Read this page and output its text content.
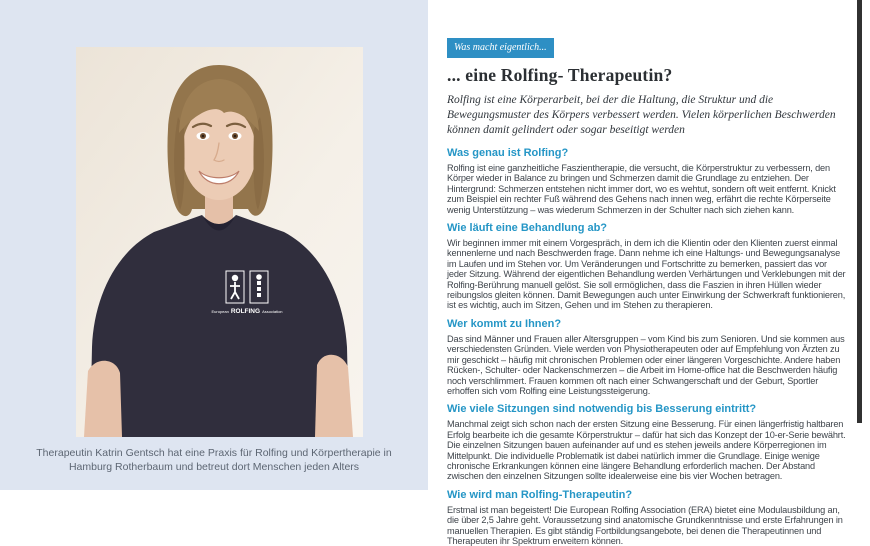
European ROLFING Association
Therapeutin Katrin Gentsch hat eine Praxis für Rolfing und Körpertherapie in Hamburg Rotherbaum und betreut dort Menschen jeden Alters
Was macht eigentlich...
... eine Rolfing- Therapeutin?

Rolfing ist eine Körperarbeit, bei der die Haltung, die Struktur und die Bewegungsmuster des Körpers verbessert werden. Vielen körperlichen Beschwerden können damit gelindert oder sogar beseitigt werden

Was genau ist Rolfing?

Rolfing ist eine ganzheitliche Faszientherapie, die versucht, die Körperstruktur zu verbessern, den Körper wieder in Balance zu bringen und Schmerzen damit die Grundlage zu entziehen. Der Hintergrund: Schmerzen entstehen nicht immer dort, wo es wehtut, sondern oft weit entfernt. Knickt zum Beispiel ein rechter Fuß während des Gehens nach innen weg, erfährt die rechte Körperseite wenig Unterstützung – was wiederum Schmerzen in der Schulter nach sich ziehen kann.

Wie läuft eine Behandlung ab?

Wir beginnen immer mit einem Vorgespräch, in dem ich die Klientin oder den Klienten zuerst einmal kennenlerne und nach Beschwerden frage. Dann nehme ich eine Haltungs- und Bewegungsanalyse im Laufen und im Stehen vor. Um Veränderungen und Fortschritte zu bemerken, passiert das vor jeder Sitzung. Während der eigentlichen Behandlung werden Verhärtungen und Verklebungen mit der Rolfing-Berührung manuell gelöst. Sie soll ermöglichen, dass die Faszien in ihren Hüllen wieder reibungslos gleiten können. Damit Bewegungen auch unter Einwirkung der Schwerkraft funktionieren, ist es wichtig, auch im Sitzen, Gehen und im Stehen zu therapieren.

Wer kommt zu Ihnen?

Das sind Männer und Frauen aller Altersgruppen – vom Kind bis zum Senioren. Und sie kommen aus verschiedensten Gründen. Viele werden von Physiotherapeuten oder auf Empfehlung von Ärzten zu mir geschickt – häufig mit chronischen Problemen oder einer längeren Vorgeschichte. Andere haben Rücken-, Schulter- oder Nackenschmerzen – die Arbeit im Home-office hat die Beschwerden häufig noch verschlimmert. Frauen kommen oft nach einer Schwangerschaft und der Geburt, Sportler erhoffen sich vom Rolfing eine Leistungssteigerung.

Wie viele Sitzungen sind notwendig bis Besserung eintritt?

Manchmal zeigt sich schon nach der ersten Sitzung eine Besserung. Für einen längerfristig haltbaren Erfolg bearbeite ich die gesamte Körperstruktur – dafür hat sich das Konzept der 10-er-Serie bewährt. Die einzelnen Sitzungen bauen aufeinander auf und es stehen jeweils andere Körperregionen im Mittelpunkt. Die individuelle Problematik ist dabei natürlich immer die Grundlage. Einige wenige chronische Erkrankungen können eine längere Behandlung erforderlich machen. Der Abstand zwischen den einzelnen Sitzungen sollte idealerweise eine bis vier Wochen betragen.

Wie wird man Rolfing-Therapeutin?

Erstmal ist man begeistert! Die European Rolfing Association (ERA) bietet eine Modulausbildung an, die über 2,5 Jahre geht. Voraussetzung sind anatomische Grundkenntnisse und erste Erfahrungen in manuellen Therapien. Es gibt ständig Fortbildungsangebote, bei denen die Therapeutinnen und Therapeuten ihr Spektrum erweitern können.
